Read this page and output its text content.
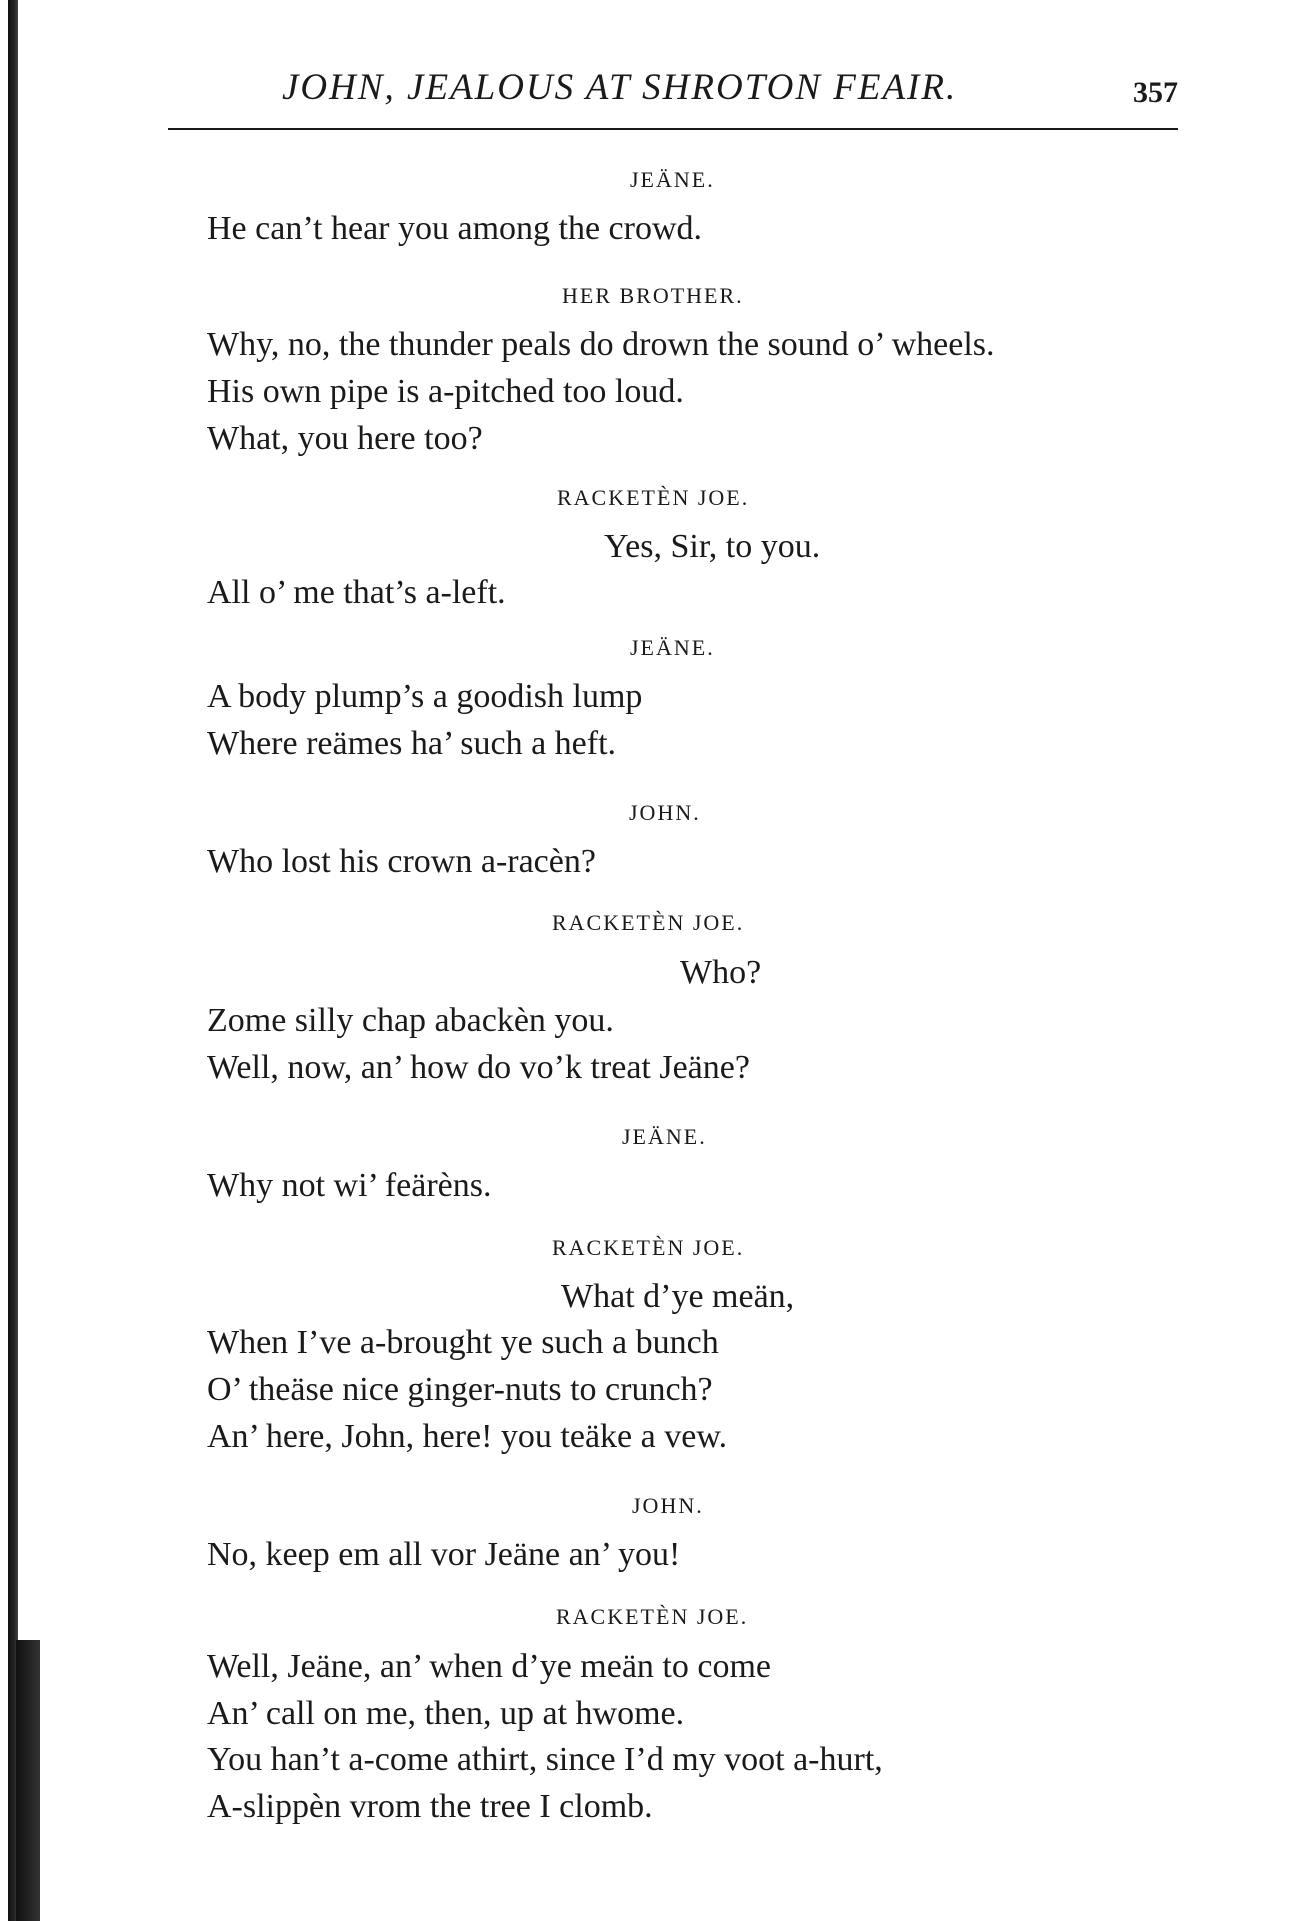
JOHN, JEALOUS AT SHROTON FEAIR.	357
JEÄNE.
He can’t hear you among the crowd.
HER BROTHER.
Why, no, the thunder peals do drown the sound o’ wheels.
His own pipe is a-pitched too loud.
What, you here too?
RACKETÈN JOE.
Yes, Sir, to you.
All o’ me that’s a-left.
JEÄNE.
A body plump’s a goodish lump
Where reämes ha’ such a heft.
JOHN.
Who lost his crown a-racèn?
RACKETÈN JOE.
Who?
Zome silly chap abackèn you.
Well, now, an’ how do vo’k treat Jeäne?
JEÄNE.
Why not wi’ feärèns.
RACKETÈN JOE.
What d’ye meän,
When I’ve a-brought ye such a bunch
O’ theäse nice ginger-nuts to crunch?
An’ here, John, here! you teäke a vew.
JOHN.
No, keep em all vor Jeäne an’ you!
RACKETÈN JOE.
Well, Jeäne, an’ when d’ye meän to come
An’ call on me, then, up at hwome.
You han’t a-come athirt, since I’d my voot a-hurt,
A-slippèn vrom the tree I clomb.
